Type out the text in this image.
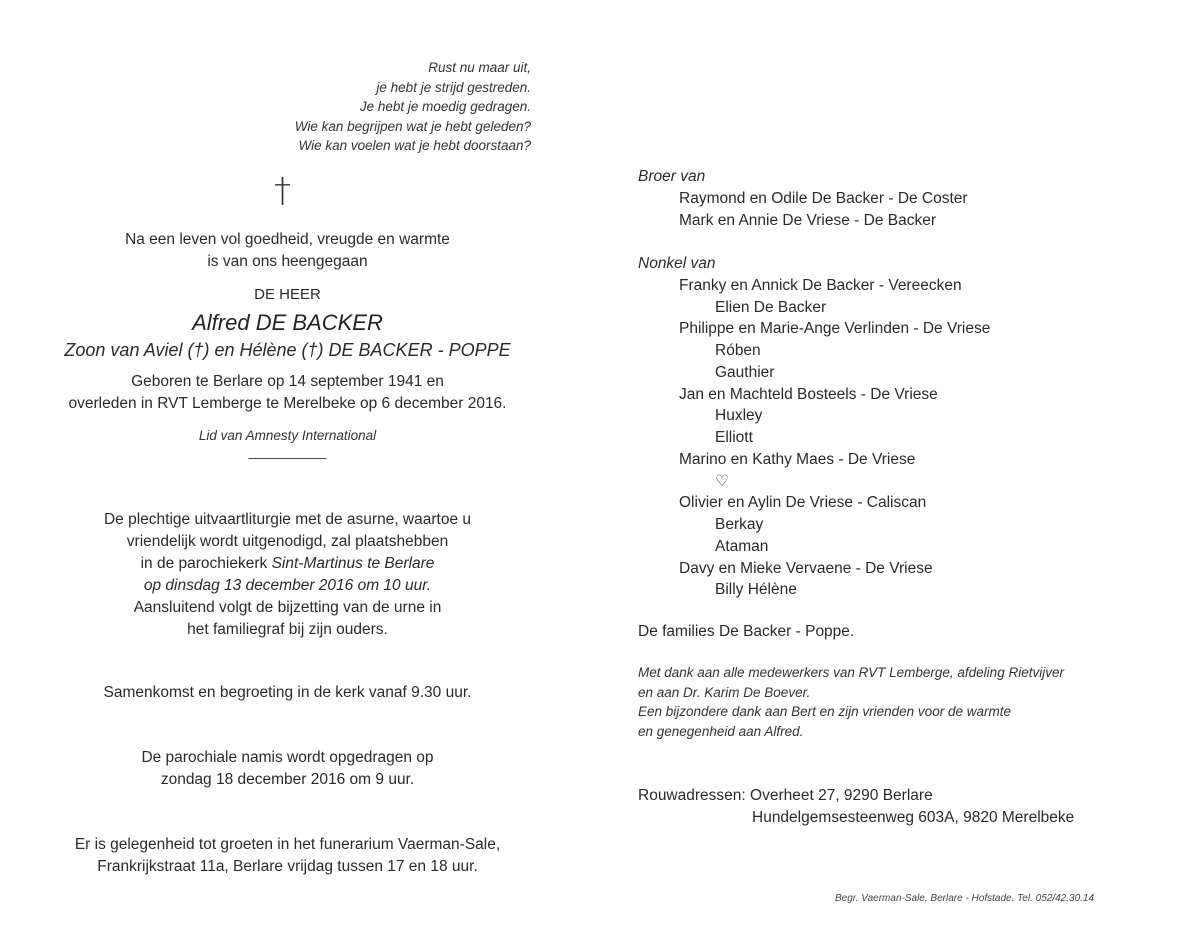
Rust nu maar uit,
je hebt je strijd gestreden.
Je hebt je moedig gedragen.
Wie kan begrijpen wat je hebt geleden?
Wie kan voelen wat je hebt doorstaan?
†
Na een leven vol goedheid, vreugde en warmte
is van ons heengegaan
DE HEER
Alfred DE BACKER
Zoon van Aviel (†) en Hélène (†) DE BACKER - POPPE
Geboren te Berlare op 14 september 1941 en
overleden in RVT Lemberge te Merelbeke op 6 december 2016.
Lid van Amnesty International
__________
De plechtige uitvaartliturgie met de asurne, waartoe u
vriendelijk wordt uitgenodigd, zal plaatshebben
in de parochiekerk Sint-Martinus te Berlare
op dinsdag 13 december 2016 om 10 uur.
Aansluitend volgt de bijzetting van de urne in
het familiegraf bij zijn ouders.
Samenkomst en begroeting in de kerk vanaf 9.30 uur.
De parochiale namis wordt opgedragen op
zondag 18 december 2016 om 9 uur.
Er is gelegenheid tot groeten in het funerarium Vaerman-Sale,
Frankrijkstraat 11a, Berlare vrijdag tussen 17 en 18 uur.
Broer van
Raymond en Odile De Backer - De Coster
Mark en Annie De Vriese - De Backer
Nonkel van
Franky en Annick De Backer - Vereecken
Elien De Backer
Philippe en Marie-Ange Verlinden - De Vriese
Róben
Gauthier
Jan en Machteld Bosteels - De Vriese
Huxley
Elliott
Marino en Kathy Maes - De Vriese
♡
Olivier en Aylin De Vriese - Caliscan
Berkay
Ataman
Davy en Mieke Vervaene - De Vriese
Billy Hélène
De families De Backer - Poppe.
Met dank aan alle medewerkers van RVT Lemberge, afdeling Rietvijver
en aan Dr. Karim De Boever.
Een bijzondere dank aan Bert en zijn vrienden voor de warmte
en genegenheid aan Alfred.
Rouwadressen: Overheet 27, 9290 Berlare
Hundelgemsesteenweg 603A, 9820 Merelbeke
Begr. Vaerman-Sale, Berlare - Hofstade. Tel. 052/42.30.14
